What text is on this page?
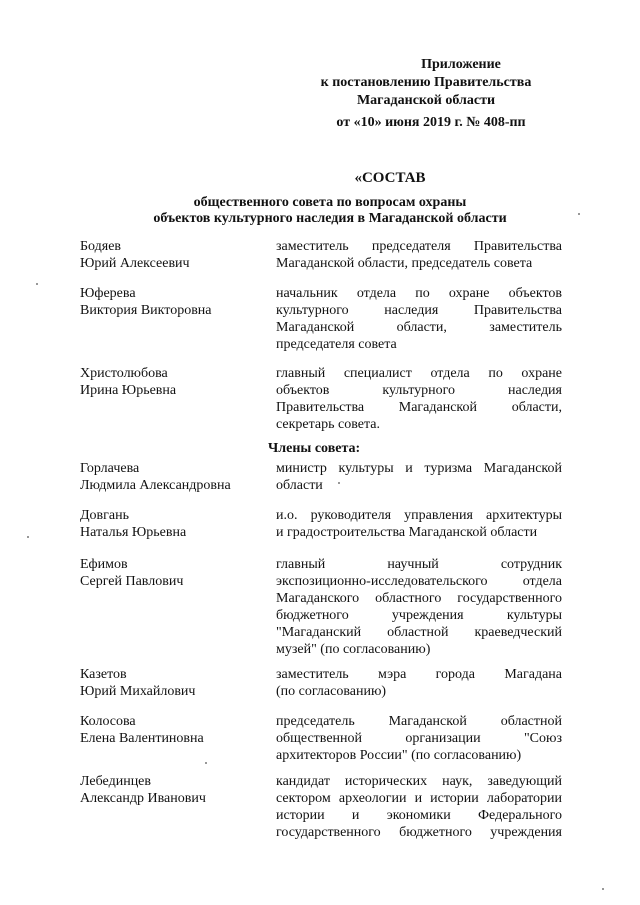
Приложение
к постановлению Правительства
Магаданской области
от «10» июня 2019 г. № 408-пп
«СОСТАВ
общественного совета по вопросам охраны
объектов культурного наследия в Магаданской области
Бодяев
Юрий Алексеевич
заместитель председателя Правительства
Магаданской области, председатель совета
Юферева
Виктория Викторовна
начальник отдела по охране объектов
культурного наследия Правительства
Магаданской области, заместитель
председателя совета
Христолюбова
Ирина Юрьевна
главный специалист отдела по охране
объектов культурного наследия
Правительства Магаданской области,
секретарь совета.
Члены совета:
Горлачева
Людмила Александровна
министр культуры и туризма Магаданской
области
Довгань
Наталья Юрьевна
и.о. руководителя управления архитектуры
и градостроительства Магаданской области
Ефимов
Сергей Павлович
главный научный сотрудник
экспозиционно-исследовательского отдела
Магаданского областного государственного
бюджетного учреждения культуры
"Магаданский областной краеведческий
музей" (по согласованию)
Казетов
Юрий Михайлович
заместитель мэра города Магадана
(по согласованию)
Колосова
Елена Валентиновна
председатель Магаданской областной
общественной организации "Союз
архитекторов России" (по согласованию)
Лебединцев
Александр Иванович
кандидат исторических наук, заведующий
сектором археологии и истории лаборатории
истории и экономики Федерального
государственного бюджетного учреждения
